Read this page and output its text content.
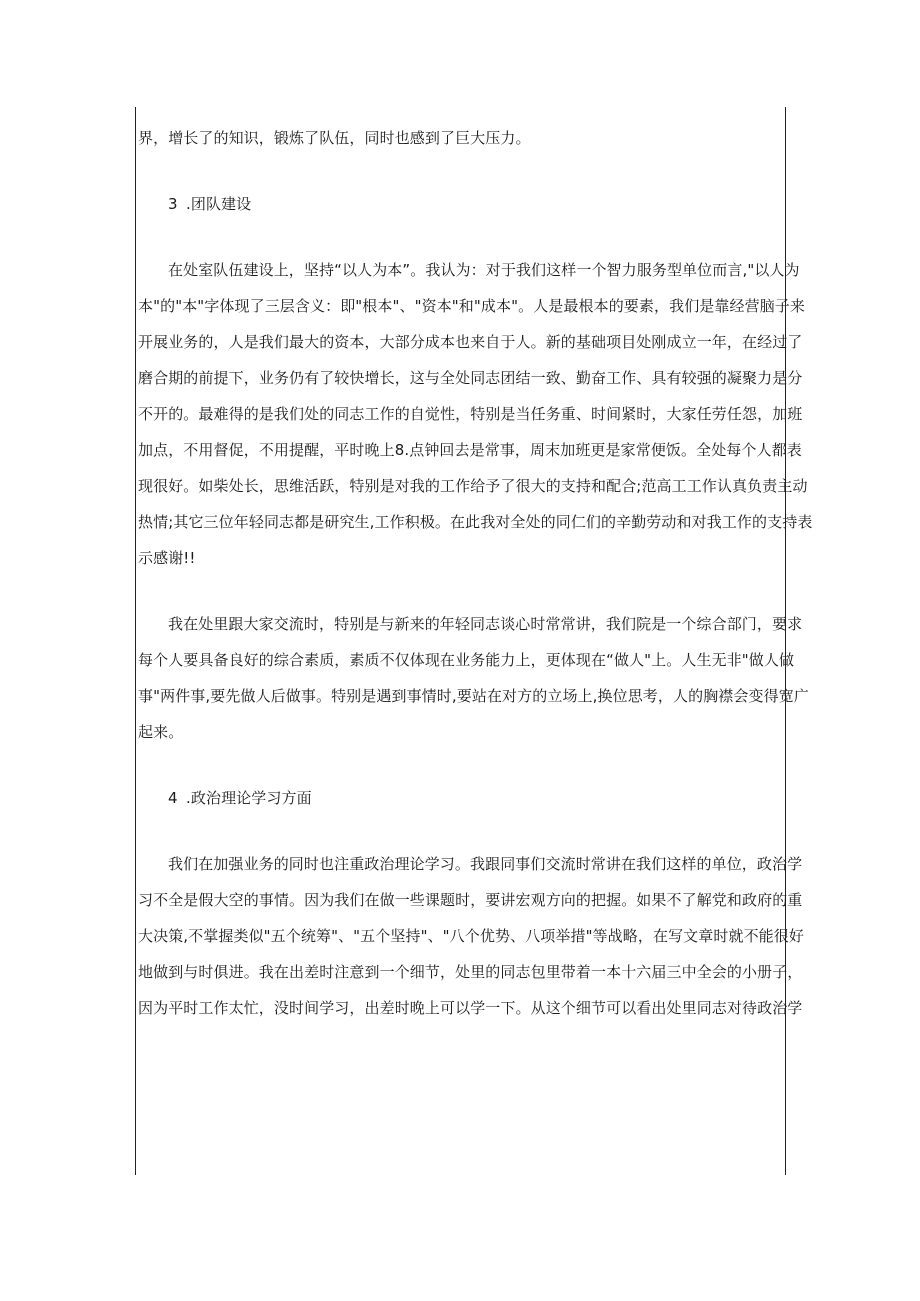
界，增长了的知识，锻炼了队伍，同时也感到了巨大压力。
3 .团队建设
在处室队伍建设上，坚持“以人为本”。我认为：对于我们这样一个智力服务型单位而言,"以人为
本"的"本"字体现了三层含义：即"根本"、"资本"和"成本"。人是最根本的要素，我们是靠经营脑子来
开展业务的，人是我们最大的资本，大部分成本也来自于人。新的基础项目处刚成立一年，在经过了
磨合期的前提下，业务仍有了较快增长，这与全处同志团结一致、勤奋工作、具有较强的凝聚力是分
不开的。最难得的是我们处的同志工作的自觉性，特别是当任务重、时间紧时，大家任劳任怨，加班
加点，不用督促，不用提醒，平时晚上8.点钟回去是常事，周末加班更是家常便饭。全处每个人都表
现很好。如柴处长，思维活跃，特别是对我的工作给予了很大的支持和配合;范高工工作认真负责主动
热情;其它三位年轻同志都是研究生,工作积极。在此我对全处的同仁们的辛勤劳动和对我工作的支持表
示感谢!!
我在处里跟大家交流时，特别是与新来的年轻同志谈心时常常讲，我们院是一个综合部门，要求
每个人要具备良好的综合素质，素质不仅体现在业务能力上，更体现在“做人"上。人生无非"做人做
事"两件事,要先做人后做事。特别是遇到事情时,要站在对方的立场上,换位思考，人的胸襟会变得宽广
起来。
4 .政治理论学习方面
我们在加强业务的同时也注重政治理论学习。我跟同事们交流时常讲在我们这样的单位，政治学
习不全是假大空的事情。因为我们在做一些课题时，要讲宏观方向的把握。如果不了解党和政府的重
大决策,不掌握类似"五个统筹"、"五个坚持"、"八个优势、八项举措"等战略，在写文章时就不能很好
地做到与时俱进。我在出差时注意到一个细节，处里的同志包里带着一本十六届三中全会的小册子，
因为平时工作太忙，没时间学习，出差时晚上可以学一下。从这个细节可以看出处里同志对待政治学
